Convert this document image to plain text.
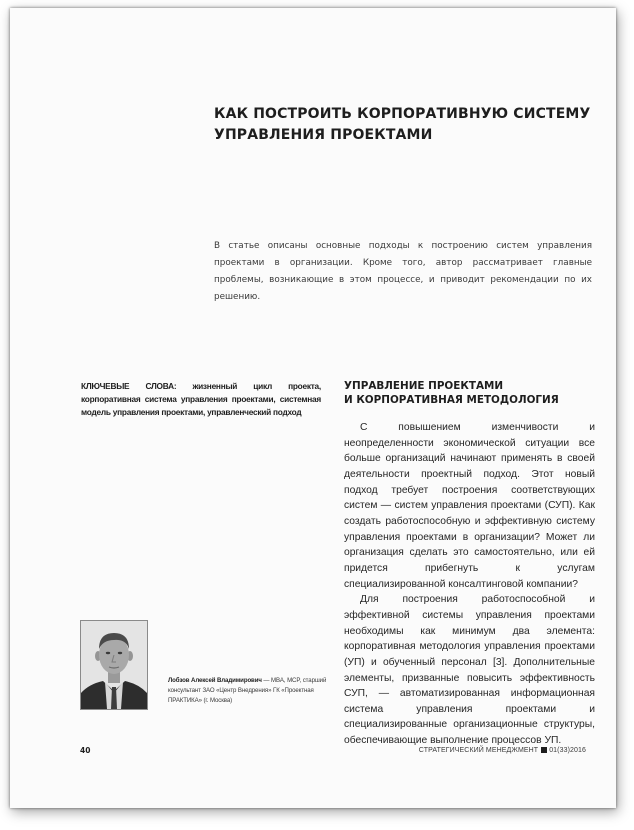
КАК ПОСТРОИТЬ КОРПОРАТИВНУЮ СИСТЕМУ УПРАВЛЕНИЯ ПРОЕКТАМИ
В статье описаны основные подходы к построению систем управления проектами в организации. Кроме того, автор рассматривает главные проблемы, возникающие в этом процессе, и приводит рекомендации по их решению.
КЛЮЧЕВЫЕ СЛОВА: жизненный цикл проекта, корпоративная система управления проектами, системная модель управления проектами, управленческий подход
УПРАВЛЕНИЕ ПРОЕКТАМИ
И КОРПОРАТИВНАЯ МЕТОДОЛОГИЯ

С повышением изменчивости и неопределенности экономической ситуации все больше организаций начинают применять в своей деятельности проектный подход. Этот новый подход требует построения соответствующих систем — систем управления проектами (СУП). Как создать работоспособную и эффективную систему управления проектами в организации? Может ли организация сделать это самостоятельно, или ей придется прибегнуть к услугам специализированной консалтинговой компании?

Для построения работоспособной и эффективной системы управления проектами необходимы как минимум два элемента: корпоративная методология управления проектами (УП) и обученный персонал [3]. Дополнительные элементы, призванные повысить эффективность СУП, — автоматизированная информационная система управления проектами и специализированные организационные структуры, обеспечивающие выполнение процессов УП.

Лобзов Алексей Владимирович — MBA, MCP, старший консультант ЗАО «Центр Внедрения» ГК «Проектная ПРАКТИКА» (г. Москва)
40	СТРАТЕГИЧЕСКИЙ МЕНЕДЖМЕНТ 01(33)2016
